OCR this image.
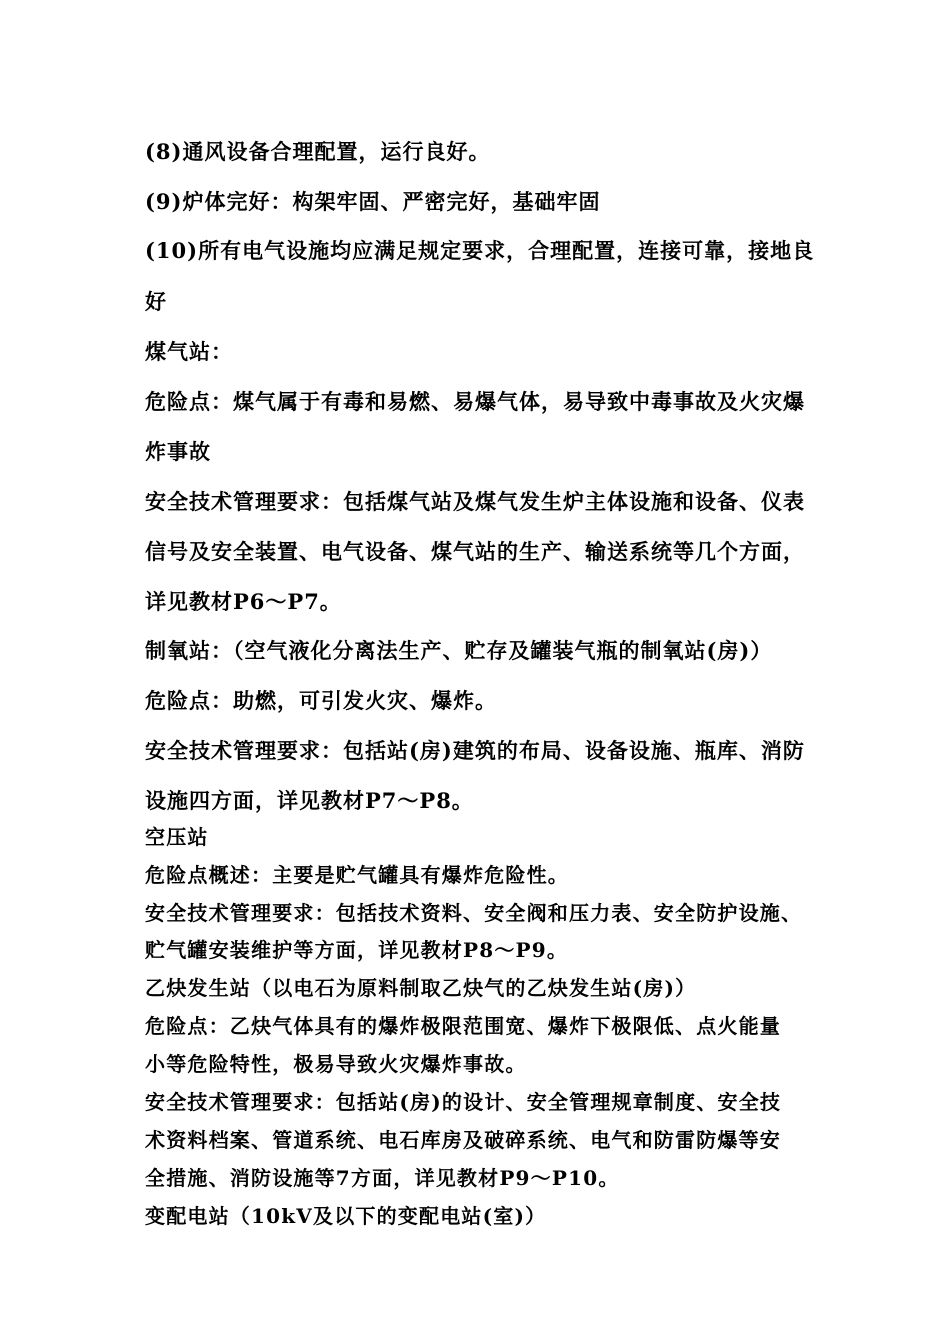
(8)通风设备合理配置，运行良好。
(9)炉体完好：构架牢固、严密完好，基础牢固
(10)所有电气设施均应满足规定要求，合理配置，连接可靠，接地良
好
煤气站：
危险点：煤气属于有毒和易燃、易爆气体，易导致中毒事故及火灾爆
炸事故
安全技术管理要求：包括煤气站及煤气发生炉主体设施和设备、仪表
信号及安全装置、电气设备、煤气站的生产、输送系统等几个方面，
详见教材P6～P7。
制氧站：（空气液化分离法生产、贮存及罐装气瓶的制氧站(房)）
危险点：助燃，可引发火灾、爆炸。
安全技术管理要求：包括站(房)建筑的布局、设备设施、瓶库、消防
设施四方面，详见教材P7～P8。
空压站
危险点概述：主要是贮气罐具有爆炸危险性。
安全技术管理要求：包括技术资料、安全阀和压力表、安全防护设施、
贮气罐安装维护等方面，详见教材P8～P9。
乙炔发生站（以电石为原料制取乙炔气的乙炔发生站(房)）
危险点：乙炔气体具有的爆炸极限范围宽、爆炸下极限低、点火能量
小等危险特性，极易导致火灾爆炸事故。
安全技术管理要求：包括站(房)的设计、安全管理规章制度、安全技
术资料档案、管道系统、电石库房及破碎系统、电气和防雷防爆等安
全措施、消防设施等7方面，详见教材P9～P10。
变配电站（10kV及以下的变配电站(室)）
